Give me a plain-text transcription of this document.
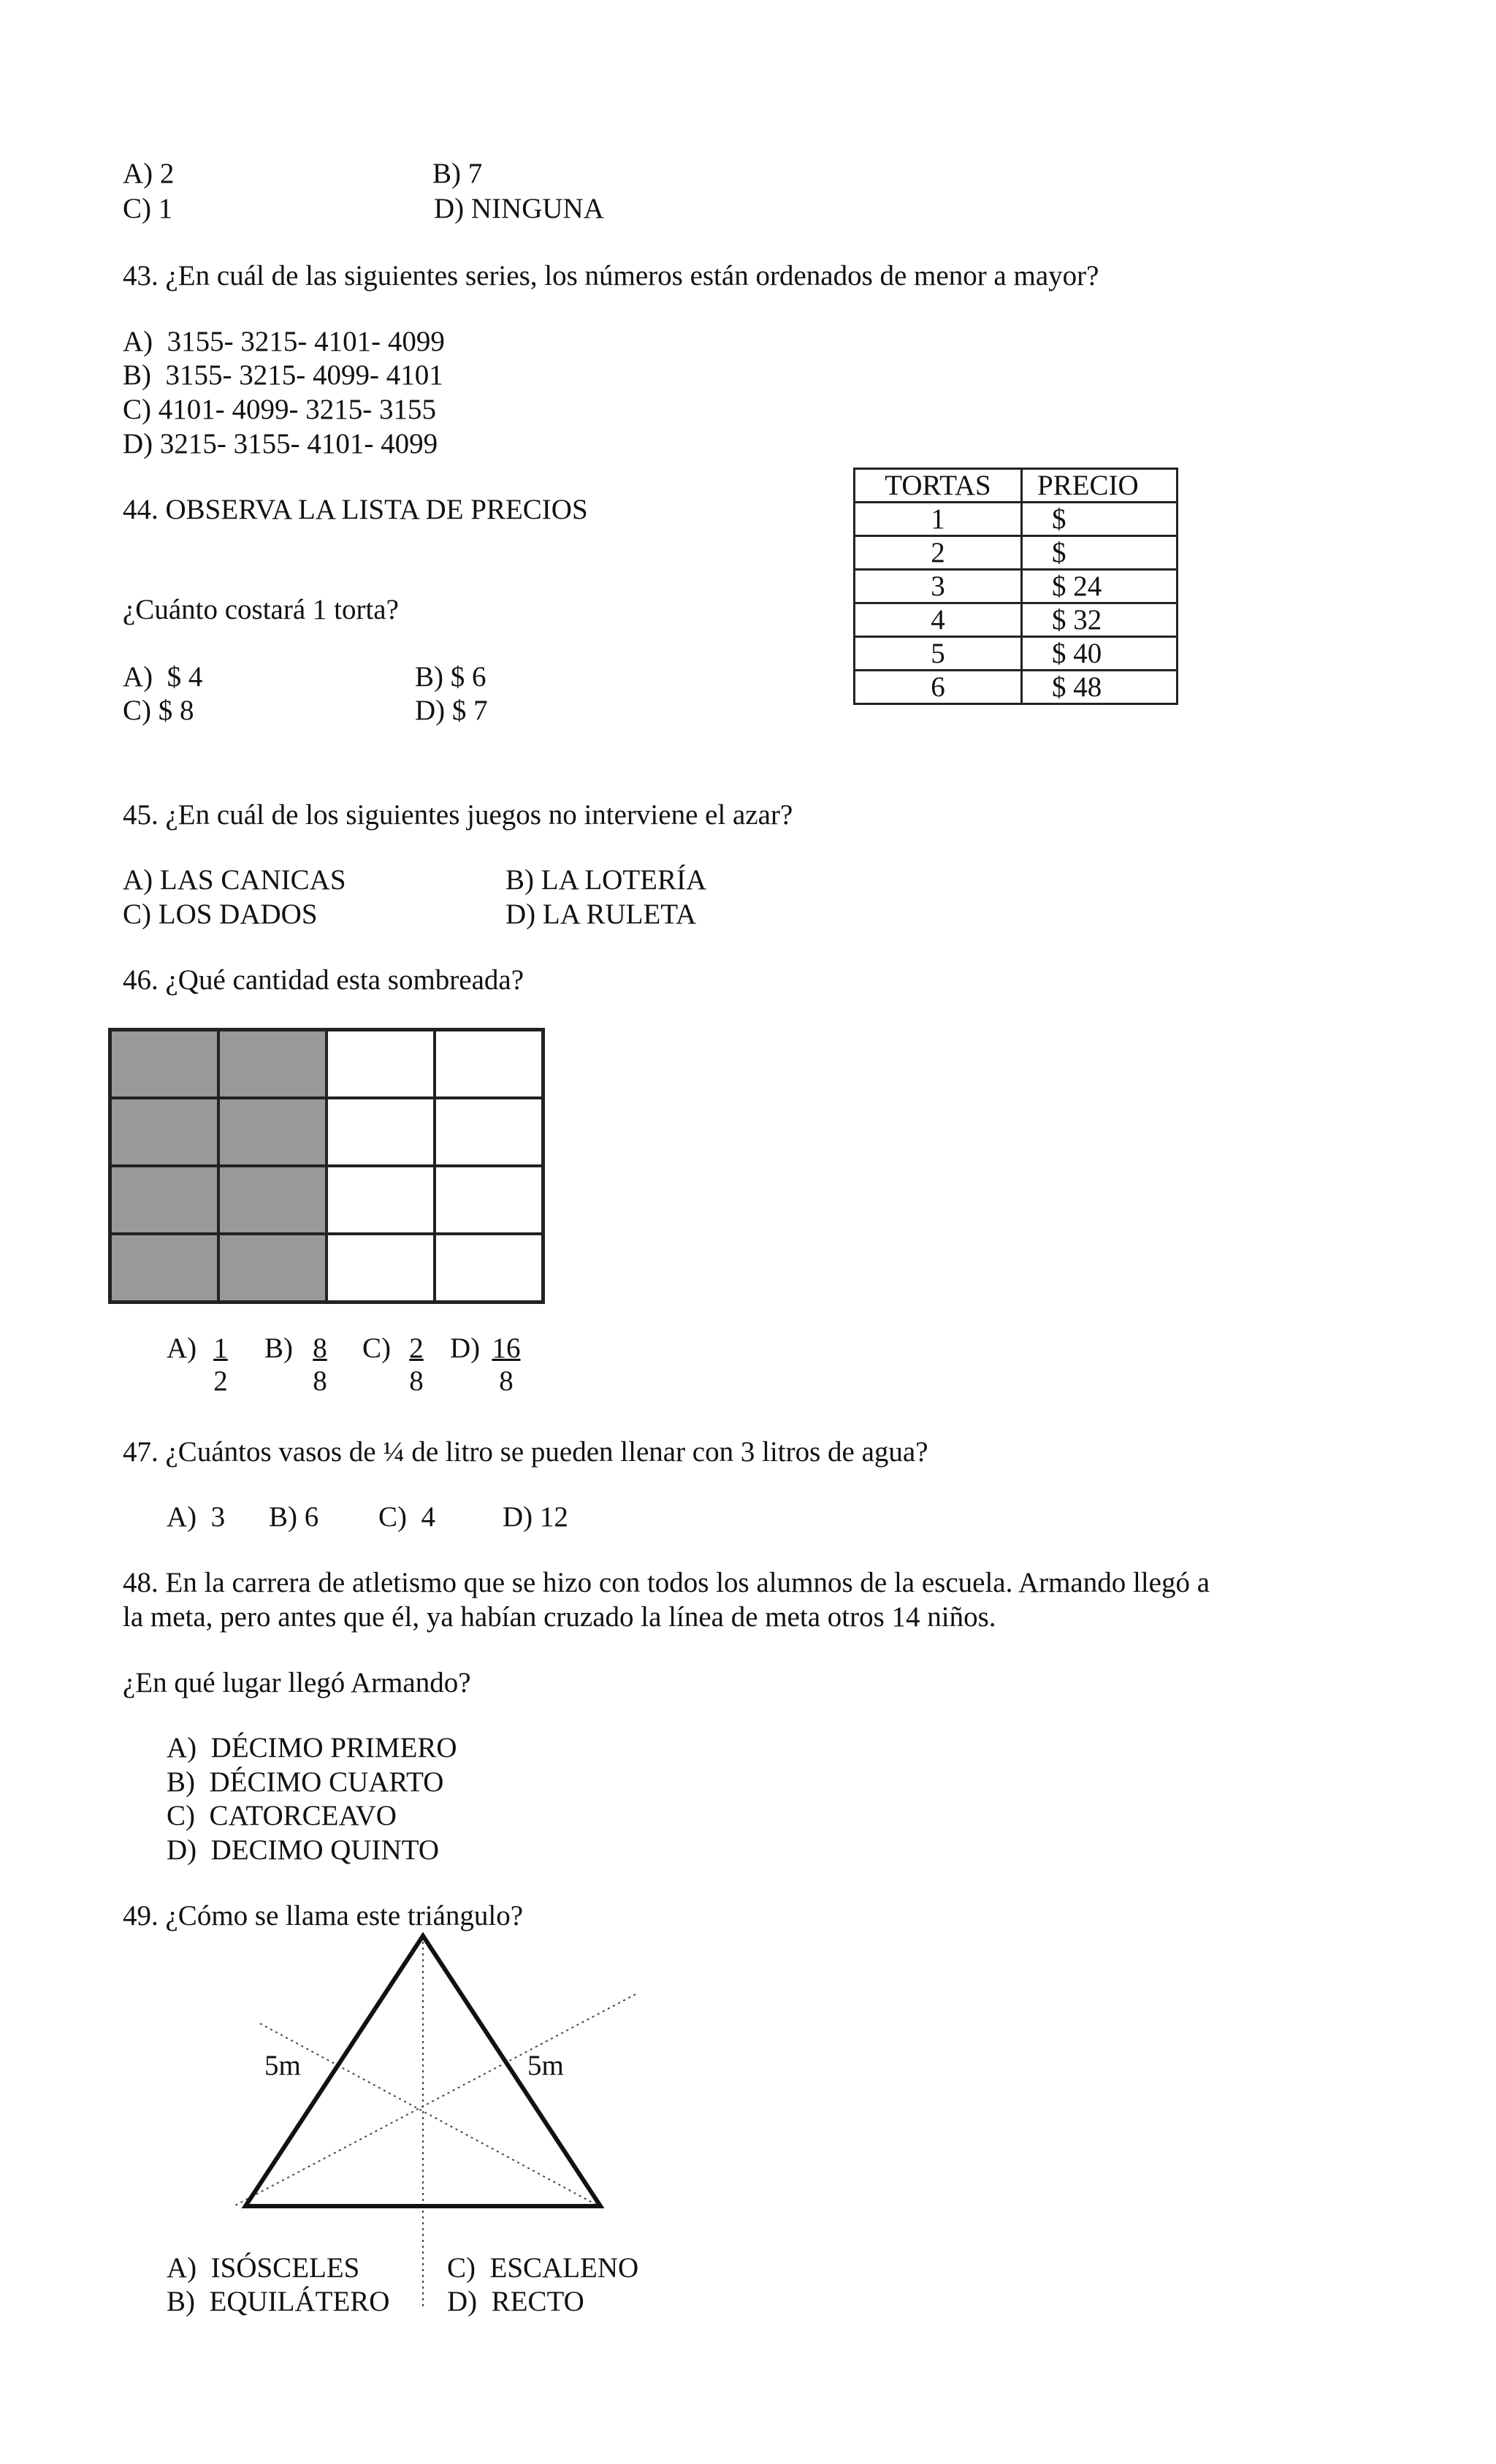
A) 2	B) 7
C) 1	D) NINGUNA
43. ¿En cuál de las siguientes series, los números están ordenados de menor a mayor?
A)  3155- 3215- 4101- 4099
B)  3155- 3215- 4099- 4101
C) 4101- 4099- 3215- 3155
D) 3215- 3155- 4101- 4099
44. OBSERVA LA LISTA DE PRECIOS
¿Cuánto costará 1 torta?
A)  $ 4	B) $ 6
C) $ 8	D) $ 7
TORTAS	PRECIO
1	$
2	$
3	$ 24
4	$ 32
5	$ 40
6	$ 48
45. ¿En cuál de los siguientes juegos no interviene el azar?
A) LAS CANICAS	B) LA LOTERÍA
C) LOS DADOS	D) LA RULETA
46. ¿Qué cantidad esta sombreada?
$A) \frac{1}{2} B) \frac{8}{8} C) \frac{2}{8} D) \frac{16}{8}$
47. ¿Cuántos vasos de ¼ de litro se pueden llenar con 3 litros de agua?
A)  3 B) 6 C)  4 D) 12
48. En la carrera de atletismo que se hizo con todos los alumnos de la escuela. Armando llegó a
la meta, pero antes que él, ya habían cruzado la línea de meta otros 14 niños.
¿En qué lugar llegó Armando?
A)  DÉCIMO PRIMERO
B)  DÉCIMO CUARTO
C)  CATORCEAVO
D)  DECIMO QUINTO
49. ¿Cómo se llama este triángulo?
5m	5m
A)  ISÓSCELES	C)  ESCALENO
B)  EQUILÁTERO D)  RECTO
